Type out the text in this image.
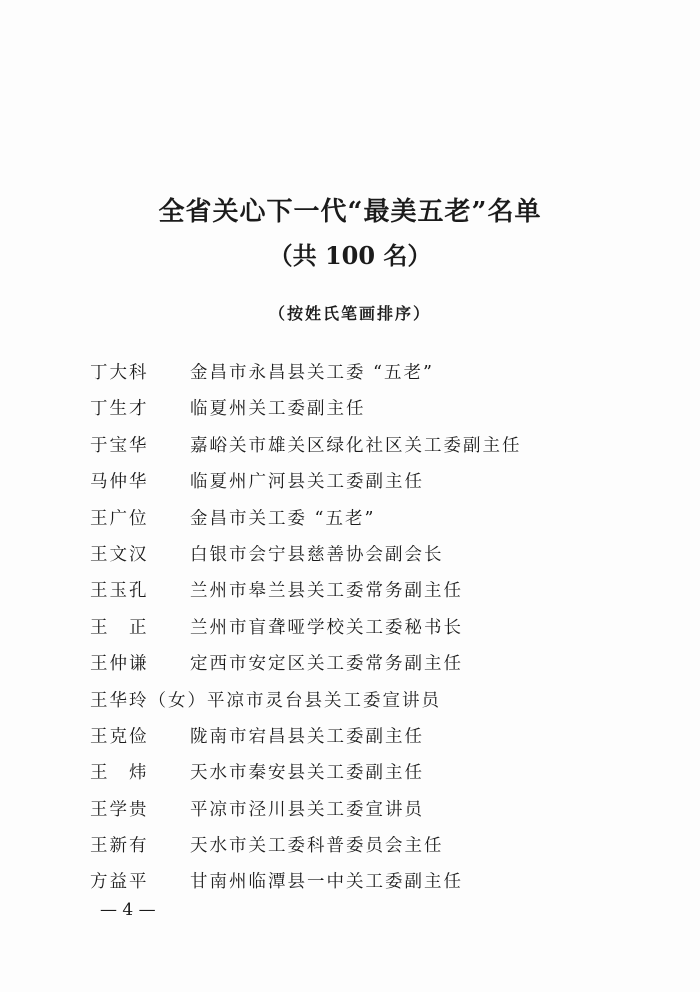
全省关心下一代“最美五老”名单
（共 100 名）
（按姓氏笔画排序）
丁大科 金昌市永昌县关工委 “五老”
丁生才 临夏州关工委副主任
于宝华 嘉峪关市雄关区绿化社区关工委副主任
马仲华 临夏州广河县关工委副主任
王广位 金昌市关工委 “五老”
王文汉 白银市会宁县慈善协会副会长
王玉孔 兰州市皋兰县关工委常务副主任
王　正 兰州市盲聋哑学校关工委秘书长
王仲谦 定西市安定区关工委常务副主任
王华玲（女） 平凉市灵台县关工委宣讲员
王克俭 陇南市宕昌县关工委副主任
王　炜 天水市秦安县关工委副主任
王学贵 平凉市泾川县关工委宣讲员
王新有 天水市关工委科普委员会主任
方益平 甘南州临潭县一中关工委副主任
— 4 —
